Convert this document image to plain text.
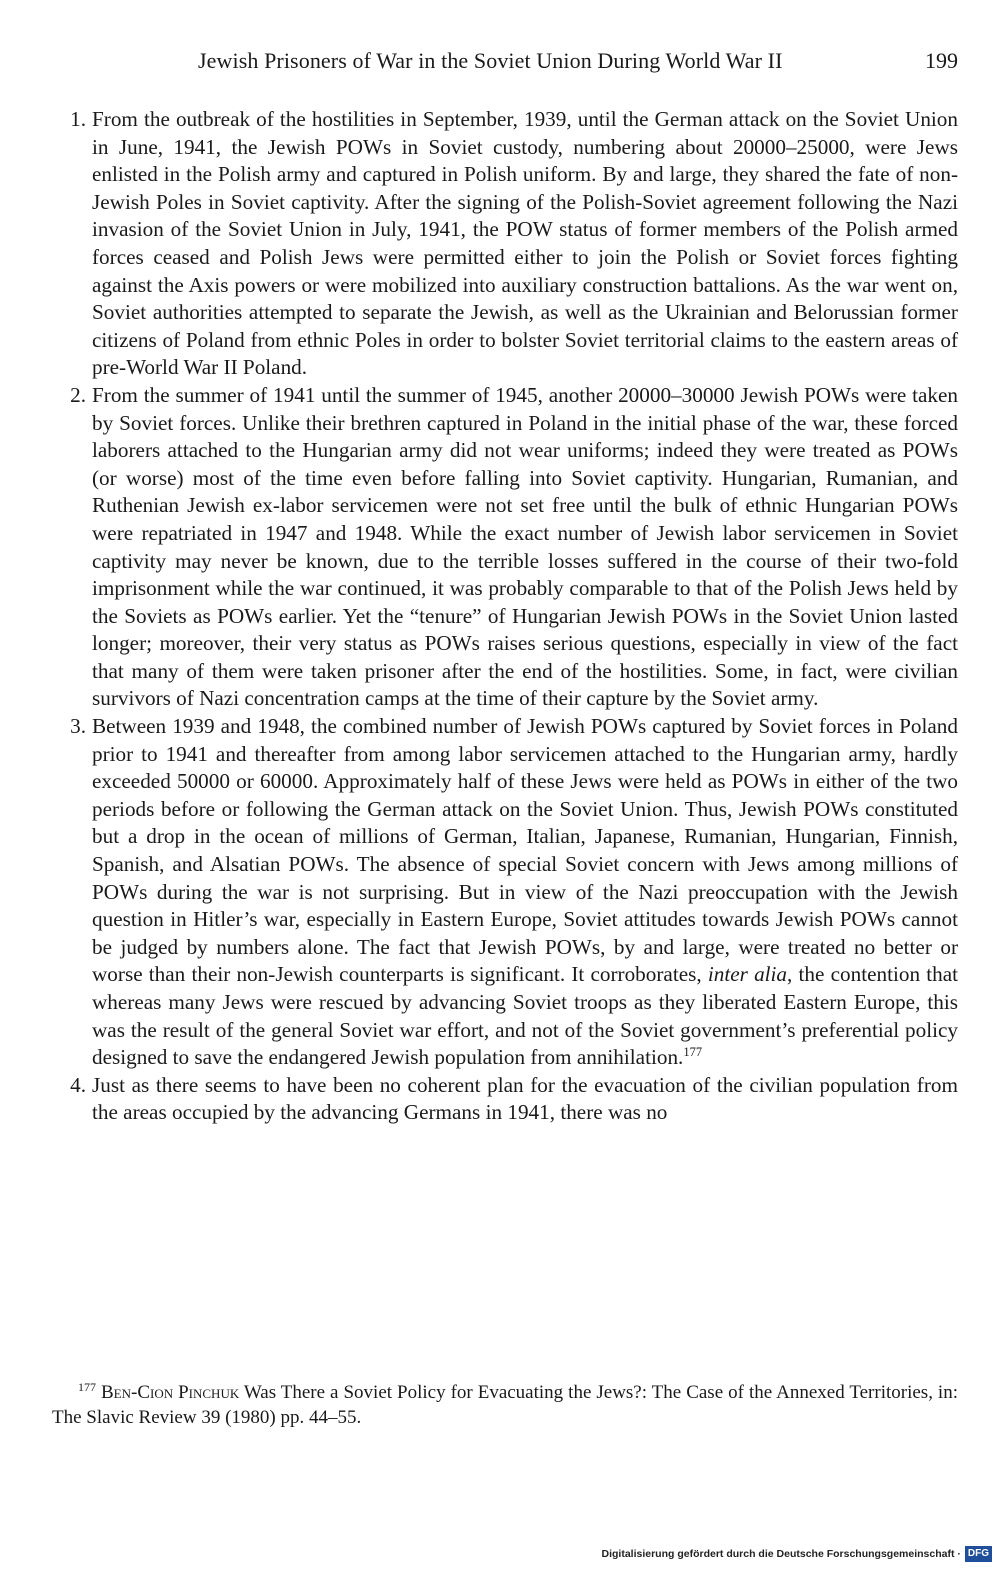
Jewish Prisoners of War in the Soviet Union During World War II	199
1. From the outbreak of the hostilities in September, 1939, until the German attack on the Soviet Union in June, 1941, the Jewish POWs in Soviet custody, numbering about 20000–25000, were Jews enlisted in the Polish army and captured in Polish uniform. By and large, they shared the fate of non-Jewish Poles in Soviet captivity. After the signing of the Polish-Soviet agreement following the Nazi invasion of the Soviet Union in July, 1941, the POW status of former members of the Polish armed forces ceased and Polish Jews were permitted either to join the Polish or Soviet forces fighting against the Axis powers or were mobilized into auxiliary construction battalions. As the war went on, Soviet authorities attempted to separate the Jewish, as well as the Ukrainian and Belorussian former citizens of Poland from ethnic Poles in order to bolster Soviet territorial claims to the eastern areas of pre-World War II Poland.

2. From the summer of 1941 until the summer of 1945, another 20000–30000 Jewish POWs were taken by Soviet forces. Unlike their brethren captured in Poland in the initial phase of the war, these forced laborers attached to the Hungarian army did not wear uniforms; indeed they were treated as POWs (or worse) most of the time even before falling into Soviet captivity. Hungarian, Rumanian, and Ruthenian Jewish ex-labor servicemen were not set free until the bulk of ethnic Hungarian POWs were repatriated in 1947 and 1948. While the exact number of Jewish labor servicemen in Soviet captivity may never be known, due to the terrible losses suffered in the course of their two-fold imprisonment while the war continued, it was probably comparable to that of the Polish Jews held by the Soviets as POWs earlier. Yet the “tenure” of Hungarian Jewish POWs in the Soviet Union lasted longer; moreover, their very status as POWs raises serious questions, especially in view of the fact that many of them were taken prisoner after the end of the hostilities. Some, in fact, were civilian survivors of Nazi concentration camps at the time of their capture by the Soviet army.

3. Between 1939 and 1948, the combined number of Jewish POWs captured by Soviet forces in Poland prior to 1941 and thereafter from among labor servicemen attached to the Hungarian army, hardly exceeded 50000 or 60000. Approximately half of these Jews were held as POWs in either of the two periods before or following the German attack on the Soviet Union. Thus, Jewish POWs constituted but a drop in the ocean of millions of German, Italian, Japanese, Rumanian, Hungarian, Finnish, Spanish, and Alsatian POWs. The absence of special Soviet concern with Jews among millions of POWs during the war is not surprising. But in view of the Nazi preoccupation with the Jewish question in Hitler’s war, especially in Eastern Europe, Soviet attitudes towards Jewish POWs cannot be judged by numbers alone. The fact that Jewish POWs, by and large, were treated no better or worse than their non-Jewish counterparts is significant. It corroborates, inter alia, the contention that whereas many Jews were rescued by advancing Soviet troops as they liberated Eastern Europe, this was the result of the general Soviet war effort, and not of the Soviet government’s preferential policy designed to save the endangered Jewish population from annihilation.$^{177}$

4. Just as there seems to have been no coherent plan for the evacuation of the civilian population from the areas occupied by the advancing Germans in 1941, there was no

$^{177}$ Ben-Cion Pinchuk Was There a Soviet Policy for Evacuating the Jews?: The Case of the Annexed Territories, in: The Slavic Review 39 (1980) pp. 44–55.
Digitalisierung gefördert durch die Deutsche Forschungsgemeinschaft · DFG
